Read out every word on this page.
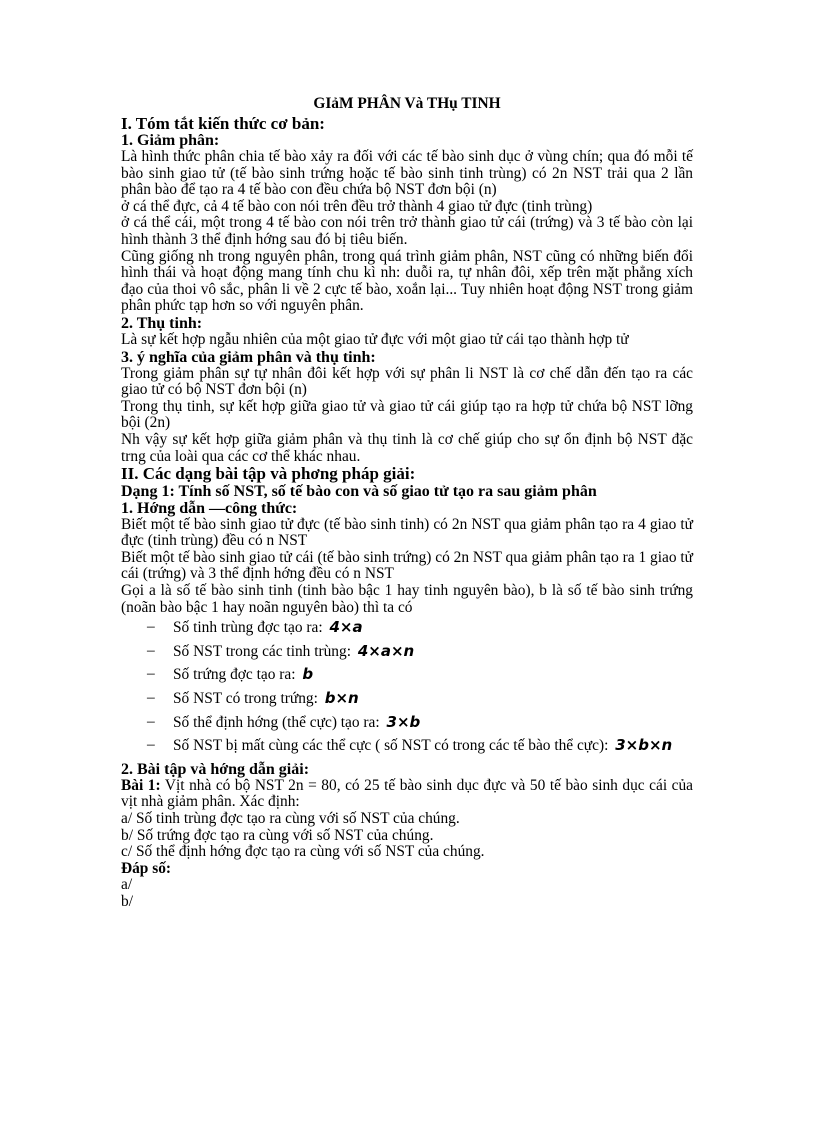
GIảM PHÂN Và THụ TINH
I. Tóm tắt kiến thức cơ bản:
1. Giảm phân:

Là hình thức phân chia tế bào xảy ra đối với các tế bào sinh dục ở vùng chín; qua đó mỗi tế bào sinh giao tử (tế bào sinh trứng hoặc tế bào sinh tinh trùng) có 2n NST trải qua 2 lần phân bào để tạo ra 4 tế bào con đều chứa bộ NST đơn bội (n)

ở cá thể đực, cả 4 tế bào con nói trên đều trở thành 4 giao tử đực (tinh trùng)

ở cá thể cái, một trong 4 tế bào con nói trên trở thành giao tử cái (trứng) và 3 tế bào còn lại hình thành 3 thể định hớng sau đó bị tiêu biến.

Cũng giống nh trong nguyên phân, trong quá trình giảm phân, NST cũng có những biến đổi hình thái và hoạt động mang tính chu kì nh: duỗi ra, tự nhân đôi, xếp trên mặt phẳng xích đạo của thoi vô sắc, phân li về 2 cực tế bào, xoắn lại... Tuy nhiên hoạt động NST trong giảm phân phức tạp hơn so với nguyên phân.

2. Thụ tinh:

Là sự kết hợp ngẫu nhiên của một giao tử đực với một giao tử cái tạo thành hợp tử

3. ý nghĩa của giảm phân và thụ tinh:

Trong giảm phân sự tự nhân đôi kết hợp với sự phân li NST là cơ chế dẫn đến tạo ra các giao tử có bộ NST đơn bội (n)

Trong thụ tinh, sự kết hợp giữa giao tử và giao tử cái giúp tạo ra hợp tử chứa bộ NST lỡng bội (2n)

Nh vậy sự kết hợp giữa giảm phân và thụ tinh là cơ chế giúp cho sự ổn định bộ NST đặc trng của loài qua các cơ thể khác nhau.

II. Các dạng bài tập và phơng pháp giải:
Dạng 1: Tính số NST, số tế bào con và số giao tử tạo ra sau giảm phân
1. Hớng dẫn —công thức:

Biết một tế bào sinh giao tử đực (tế bào sinh tinh) có 2n NST qua giảm phân tạo ra 4 giao tử đực (tinh trùng) đều có n NST

Biết một tế bào sinh giao tử cái (tế bào sinh trứng) có 2n NST qua giảm phân tạo ra 1 giao tử cái (trứng) và 3 thể định hớng đều có n NST

Gọi a là số tế bào sinh tinh (tinh bào bậc 1 hay tinh nguyên bào), b là số tế bào sinh trứng (noãn bào bậc 1 hay noãn nguyên bào) thì ta có

– Số tinh trùng đợc tạo ra: 4×a
– Số NST trong các tinh trùng: 4×a×n
– Số trứng đợc tạo ra: b
– Số NST có trong trứng: b×n
– Số thể định hớng (thể cực) tạo ra: 3×b
– Số NST bị mất cùng các thể cực ( số NST có trong các tế bào thể cực): 3×b×n
2. Bài tập và hớng dẫn giải:

Bài 1: Vịt nhà có bộ NST 2n = 80, có 25 tế bào sinh dục đực và 50 tế bào sinh dục cái của vịt nhà giảm phân. Xác định:

a/ Số tinh trùng đợc tạo ra cùng với số NST của chúng.

b/ Số trứng đợc tạo ra cùng với số NST của chúng.

c/ Số thể định hớng đợc tạo ra cùng với số NST của chúng.

Đáp số:

a/

b/
